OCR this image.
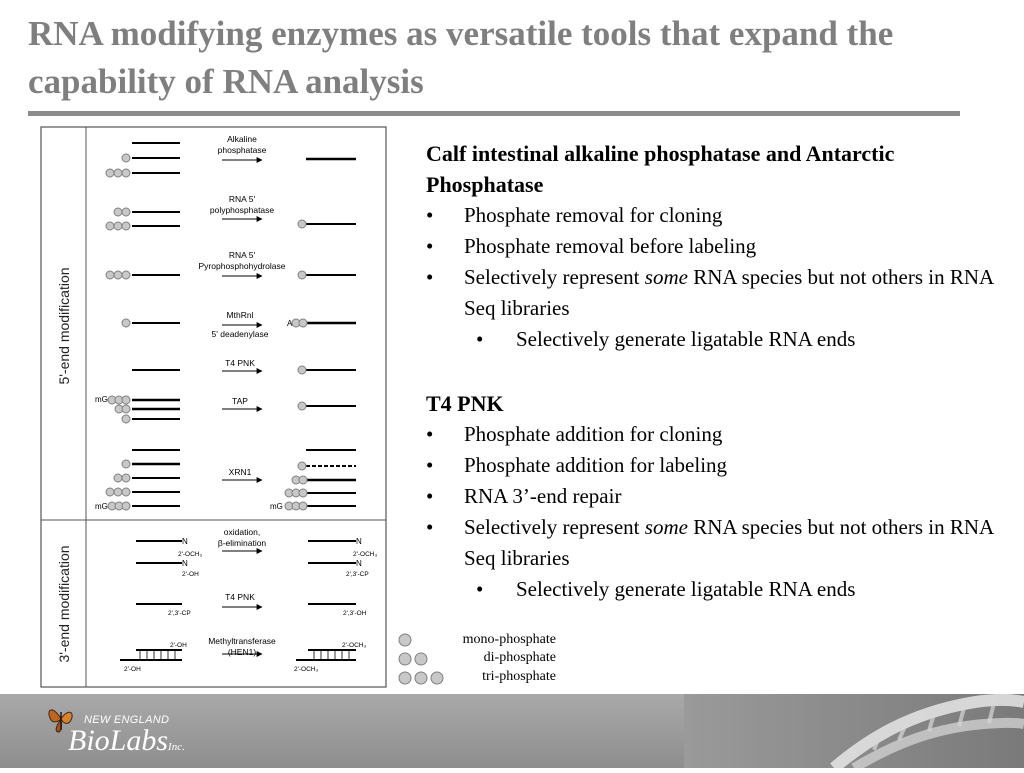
RNA modifying enzymes as versatile tools that expand the capability of RNA analysis
5'-end modification
3'-end modification
Alkaline
phosphatase
RNA 5'
polyphosphatase
RNA 5'
Pyrophosphohydrolase
MthRnl
5' deadenylase
T4 PNK
TAP
XRN1
oxidation,
β-elimination
T4 PNK
Methyltransferase
(HEN1)
mG
mG	mG
A
N
N
N
N
2'-OCH₃
2'-OH
2'-OCH₃
2',3'-CP
2',3'-CP	2',3'-OH
2'-OH
2'-OH
2'-OCH₃
2'-OCH₃
Calf intestinal alkaline phosphatase and Antarctic Phosphatase
• Phosphate removal for cloning
• Phosphate removal before labeling
• Selectively represent some RNA species but not others in RNA Seq libraries
• Selectively generate ligatable RNA ends
T4 PNK
• Phosphate addition for cloning
• Phosphate addition for labeling
• RNA 3’-end repair
• Selectively represent some RNA species but not others in RNA Seq libraries
• Selectively generate ligatable RNA ends
mono-phosphate
di-phosphate
tri-phosphate
NEW ENGLAND
BioLabsInc.
